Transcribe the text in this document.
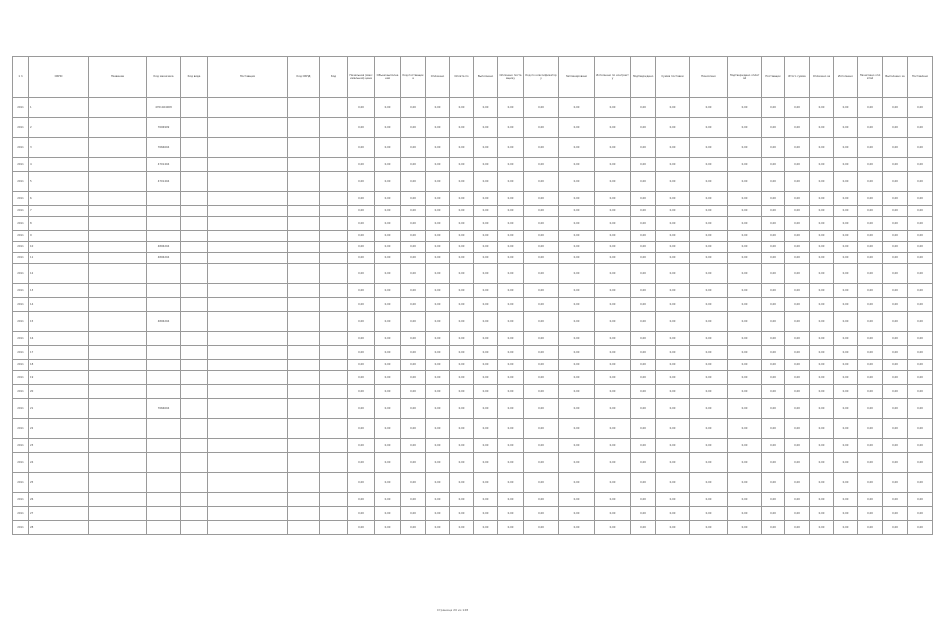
1 п	ОКПО	Название	Код заказчика	Код вида	Поставщик	Код ОКПД	Код	Начальная (максимальная) цена	Объем выполнения	Код поставщика	Оплачено	Оплата по	Выполнено	Оплачено поставщику	Код по классификатору	Запланировано	Исполнено по контракту	Подтверждено	Сумма поставки	Начислено	Подтверждено оплатой	Поставщик	Итого сумма	Оплачено за	Исполнено	Начислено оплатой	Выполнено за	Поставлено
2011	1		4701404008					0,00	0,00	0,00	0,00	0,00	0,00	0,00	0,00	0,00	0,00	0,00	0,00	0,00	0,00	0,00	0,00	0,00	0,00	0,00	0,00	0,00
2011	2		7606909					0,00	0,00	0,00	0,00	0,00	0,00	0,00	0,00	0,00	0,00	0,00	0,00	0,00	0,00	0,00	0,00	0,00	0,00	0,00	0,00	0,00
2011	3		7666604					0,00	0,00	0,00	0,00	0,00	0,00	0,00	0,00	0,00	0,00	0,00	0,00	0,00	0,00	0,00	0,00	0,00	0,00	0,00	0,00	0,00
2011	4		4701404					0,00	0,00	0,00	0,00	0,00	0,00	0,00	0,00	0,00	0,00	0,00	0,00	0,00	0,00	0,00	0,00	0,00	0,00	0,00	0,00	0,00
2011	5		4701404					0,00	0,00	0,00	0,00	0,00	0,00	0,00	0,00	0,00	0,00	0,00	0,00	0,00	0,00	0,00	0,00	0,00	0,00	0,00	0,00	0,00
2011	6							0,00	0,00	0,00	0,00	0,00	0,00	0,00	0,00	0,00	0,00	0,00	0,00	0,00	0,00	0,00	0,00	0,00	0,00	0,00	0,00	0,00
2011	7							0,00	0,00	0,00	0,00	0,00	0,00	0,00	0,00	0,00	0,00	0,00	0,00	0,00	0,00	0,00	0,00	0,00	0,00	0,00	0,00	0,00
2011	8							0,00	0,00	0,00	0,00	0,00	0,00	0,00	0,00	0,00	0,00	0,00	0,00	0,00	0,00	0,00	0,00	0,00	0,00	0,00	0,00	0,00
2011	9							0,00	0,00	0,00	0,00	0,00	0,00	0,00	0,00	0,00	0,00	0,00	0,00	0,00	0,00	0,00	0,00	0,00	0,00	0,00	0,00	0,00
2011	10		4806204					0,00	0,00	0,00	0,00	0,00	0,00	0,00	0,00	0,00	0,00	0,00	0,00	0,00	0,00	0,00	0,00	0,00	0,00	0,00	0,00	0,00
2011	11		4806204					0,00	0,00	0,00	0,00	0,00	0,00	0,00	0,00	0,00	0,00	0,00	0,00	0,00	0,00	0,00	0,00	0,00	0,00	0,00	0,00	0,00
2011	12							0,00	0,00	0,00	0,00	0,00	0,00	0,00	0,00	0,00	0,00	0,00	0,00	0,00	0,00	0,00	0,00	0,00	0,00	0,00	0,00	0,00
2011	13							0,00	0,00	0,00	0,00	0,00	0,00	0,00	0,00	0,00	0,00	0,00	0,00	0,00	0,00	0,00	0,00	0,00	0,00	0,00	0,00	0,00
2011	14							0,00	0,00	0,00	0,00	0,00	0,00	0,00	0,00	0,00	0,00	0,00	0,00	0,00	0,00	0,00	0,00	0,00	0,00	0,00	0,00	0,00
2011	15		4806204					0,00	0,00	0,00	0,00	0,00	0,00	0,00	0,00	0,00	0,00	0,00	0,00	0,00	0,00	0,00	0,00	0,00	0,00	0,00	0,00	0,00
2011	16							0,00	0,00	0,00	0,00	0,00	0,00	0,00	0,00	0,00	0,00	0,00	0,00	0,00	0,00	0,00	0,00	0,00	0,00	0,00	0,00	0,00
2011	17							0,00	0,00	0,00	0,00	0,00	0,00	0,00	0,00	0,00	0,00	0,00	0,00	0,00	0,00	0,00	0,00	0,00	0,00	0,00	0,00	0,00
2011	18							0,00	0,00	0,00	0,00	0,00	0,00	0,00	0,00	0,00	0,00	0,00	0,00	0,00	0,00	0,00	0,00	0,00	0,00	0,00	0,00	0,00
2011	19							0,00	0,00	0,00	0,00	0,00	0,00	0,00	0,00	0,00	0,00	0,00	0,00	0,00	0,00	0,00	0,00	0,00	0,00	0,00	0,00	0,00
2011	20							0,00	0,00	0,00	0,00	0,00	0,00	0,00	0,00	0,00	0,00	0,00	0,00	0,00	0,00	0,00	0,00	0,00	0,00	0,00	0,00	0,00
2011	21		7666604					0,00	0,00	0,00	0,00	0,00	0,00	0,00	0,00	0,00	0,00	0,00	0,00	0,00	0,00	0,00	0,00	0,00	0,00	0,00	0,00	0,00
2011	22							0,00	0,00	0,00	0,00	0,00	0,00	0,00	0,00	0,00	0,00	0,00	0,00	0,00	0,00	0,00	0,00	0,00	0,00	0,00	0,00	0,00
2011	23							0,00	0,00	0,00	0,00	0,00	0,00	0,00	0,00	0,00	0,00	0,00	0,00	0,00	0,00	0,00	0,00	0,00	0,00	0,00	0,00	0,00
2011	24							0,00	0,00	0,00	0,00	0,00	0,00	0,00	0,00	0,00	0,00	0,00	0,00	0,00	0,00	0,00	0,00	0,00	0,00	0,00	0,00	0,00
2011	25							0,00	0,00	0,00	0,00	0,00	0,00	0,00	0,00	0,00	0,00	0,00	0,00	0,00	0,00	0,00	0,00	0,00	0,00	0,00	0,00	0,00
2011	26							0,00	0,00	0,00	0,00	0,00	0,00	0,00	0,00	0,00	0,00	0,00	0,00	0,00	0,00	0,00	0,00	0,00	0,00	0,00	0,00	0,00
2011	27							0,00	0,00	0,00	0,00	0,00	0,00	0,00	0,00	0,00	0,00	0,00	0,00	0,00	0,00	0,00	0,00	0,00	0,00	0,00	0,00	0,00
2011	28							0,00	0,00	0,00	0,00	0,00	0,00	0,00	0,00	0,00	0,00	0,00	0,00	0,00	0,00	0,00	0,00	0,00	0,00	0,00	0,00	0,00
Страница 20 из 128
